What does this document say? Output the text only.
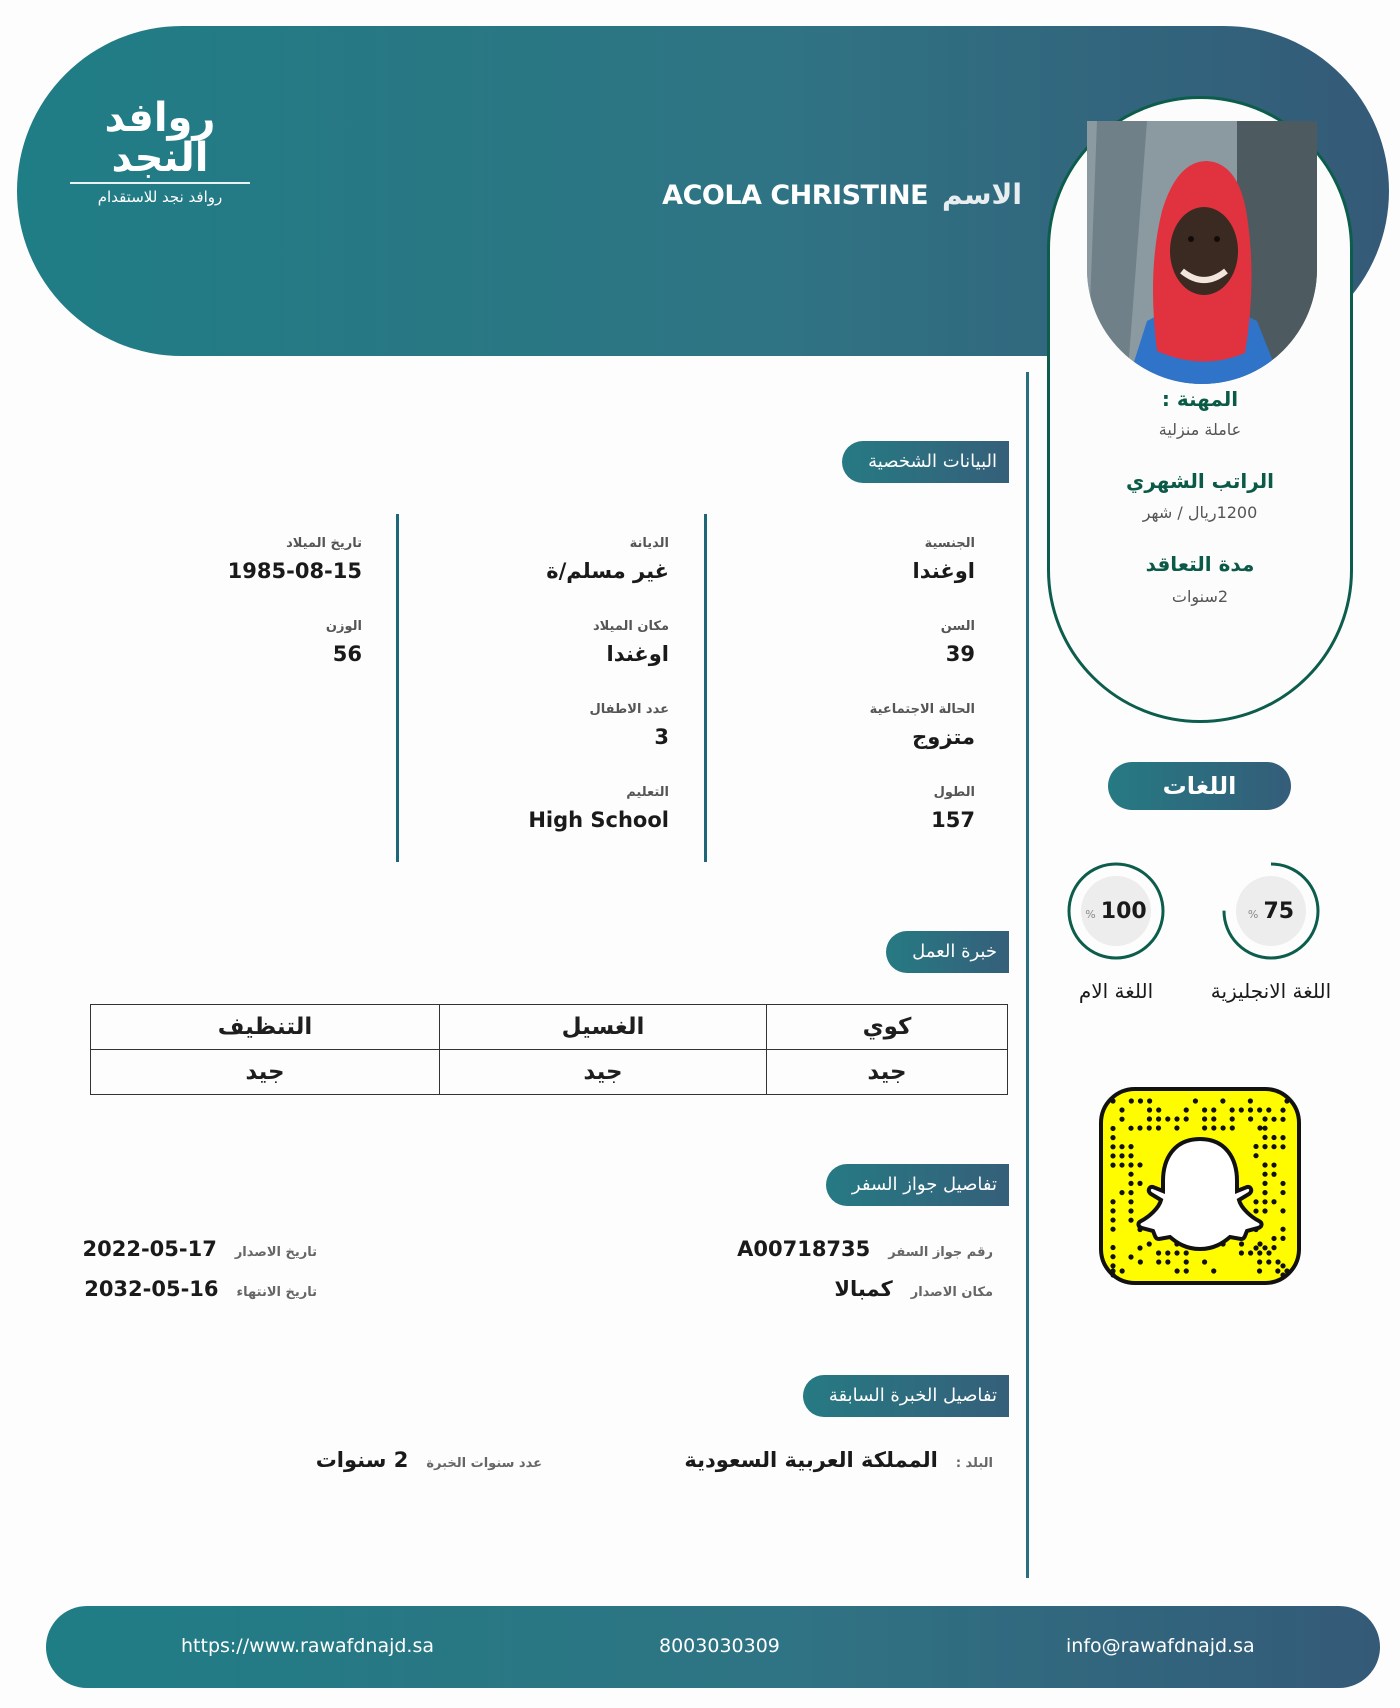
روافد النجد
روافد نجد للاستقدام	الاسم
ACOLA CHRISTINE
المهنة :
عاملة منزلية
الراتب الشهري
1200ريال / شهر
مدة التعاقد
2سنوات
البيانات الشخصية
الجنسية
اوغندا
السن
39
الحالة الاجتماعية
متزوج
الطول
157
الديانة
غير مسلم/ة
مكان الميلاد
اوغندا
عدد الاطفال
3
التعليم
High School
تاريخ الميلاد
1985-08-15
الوزن
56
خبرة العمل
كوي	الغسيل	التنظيف
جيد	جيد	جيد
تفاصيل جواز السفر
رقم جواز السفر
A00718735
مكان الاصدار
كمبالا
تاريخ الاصدار
2022-05-17
تاريخ الانتهاء
2032-05-16
تفاصيل الخبرة السابقة
البلد :
المملكة العربية السعودية
عدد سنوات الخبرة
2 سنوات
اللغات
% 75
اللغة الانجليزية
% 100
اللغة الام
https://www.rawafdnajd.sa	8003030309	info@rawafdnajd.sa
